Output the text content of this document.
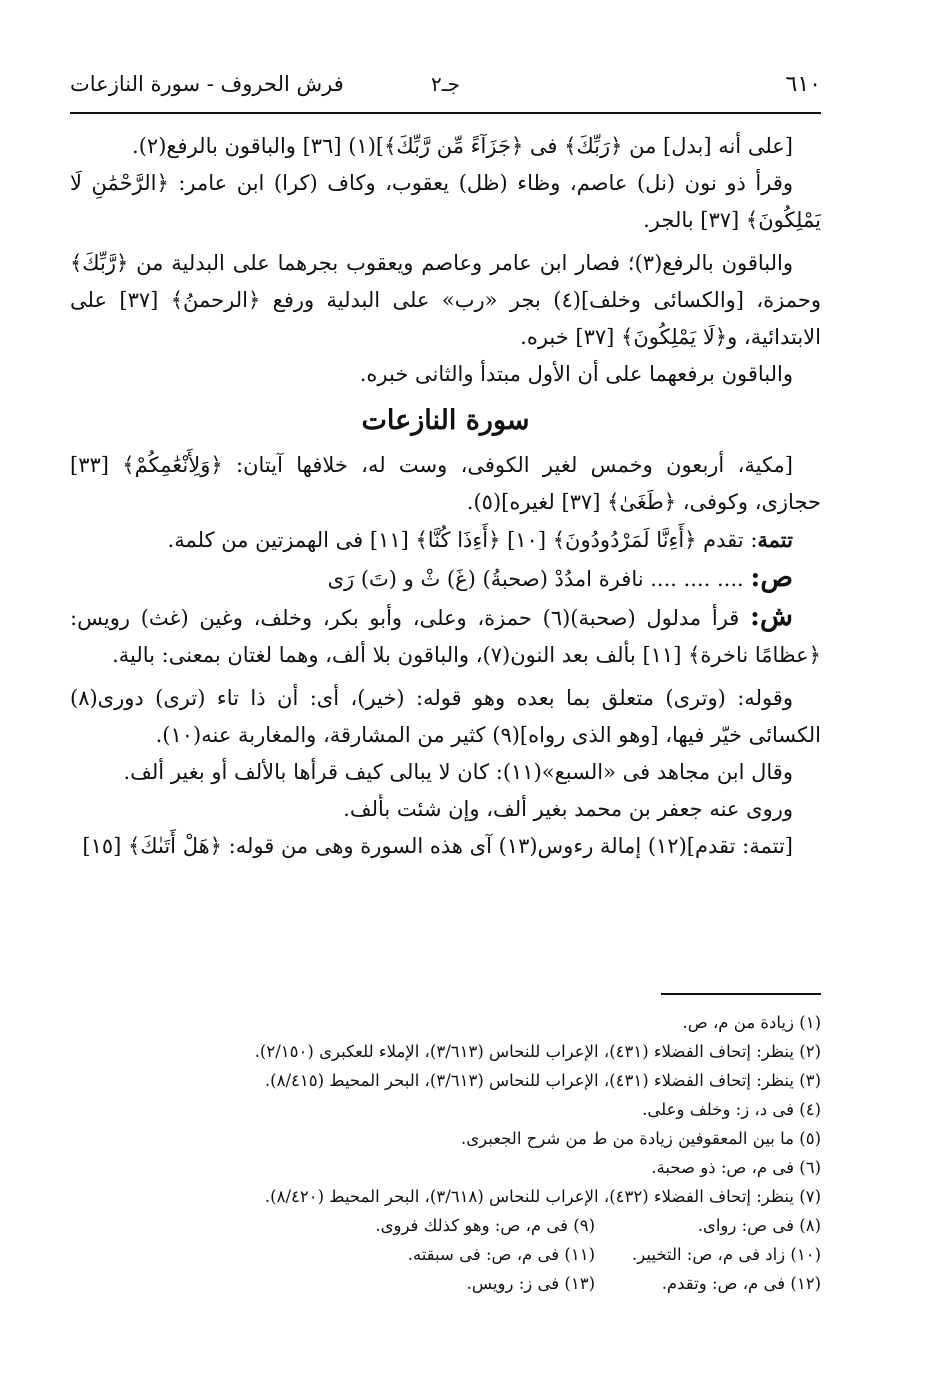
٦١٠
جـ٢
فرش الحروف - سورة النازعات

[على أنه [بدل] من ﴿رَبِّكَ﴾ فى ﴿جَزَآءً مِّن رَّبِّكَ﴾](١) [٣٦] والباقون بالرفع(٢).

وقرأ ذو نون (نل) عاصم، وظاء (ظل) يعقوب، وكاف (كرا) ابن عامر: ﴿الرَّحْمَٰنِ لَا يَمْلِكُونَ﴾ [٣٧] بالجر.

والباقون بالرفع(٣)؛ فصار ابن عامر وعاصم ويعقوب بجرهما على البدلية من ﴿رَّبِّكَ﴾ وحمزة، [والكسائى وخلف](٤) بجر «رب» على البدلية ورفع ﴿الرحمنُ﴾ [٣٧] على الابتدائية، و﴿لَا يَمْلِكُونَ﴾ [٣٧] خبره.

والباقون برفعهما على أن الأول مبتدأ والثانى خبره.

سورة النازعات

[مكية، أربعون وخمس لغير الكوفى، وست له، خلافها آيتان: ﴿وَلِأَنْعَٰمِكُمْ﴾ [٣٣] حجازى، وكوفى، ﴿طَغَىٰ﴾ [٣٧] لغيره](٥).

تتمة: تقدم ﴿أَءِنَّا لَمَرْدُودُونَ﴾ [١٠] ﴿أَءِذَا كُنَّا﴾ [١١] فى الهمزتين من كلمة.

ص: .... .... .... نافرة امدُدْ (صحبةُ) (غَ) ثْ و (تَ) رَى

ش: قرأ مدلول (صحبة)(٦) حمزة، وعلى، وأبو بكر، وخلف، وغين (غث) رويس: ﴿عظامًا ناخرة﴾ [١١] بألف بعد النون(٧)، والباقون بلا ألف، وهما لغتان بمعنى: بالية.

وقوله: (وترى) متعلق بما بعده وهو قوله: (خير)، أى: أن ذا تاء (ترى) دورى(٨) الكسائى خيّر فيها، [وهو الذى رواه](٩) كثير من المشارقة، والمغاربة عنه(١٠).

وقال ابن مجاهد فى «السبع»(١١): كان لا يبالى كيف قرأها بالألف أو بغير ألف.

وروى عنه جعفر بن محمد بغير ألف، وإن شئت بألف.

[تتمة: تقدم](١٢) إمالة رءوس(١٣) آى هذه السورة وهى من قوله: ﴿هَلْ أَتَىٰكَ﴾ [١٥]

(١) زيادة من م، ص.
(٢) ينظر: إتحاف الفضلاء (٤٣١)، الإعراب للنحاس (٣/٦١٣)، الإملاء للعكبرى (٢/١٥٠).
(٣) ينظر: إتحاف الفضلاء (٤٣١)، الإعراب للنحاس (٣/٦١٣)، البحر المحيط (٨/٤١٥).
(٤) فى د، ز: وخلف وعلى.
(٥) ما بين المعقوفين زيادة من ط من شرح الجعبرى.
(٦) فى م، ص: ذو صحبة.
(٧) ينظر: إتحاف الفضلاء (٤٣٢)، الإعراب للنحاس (٣/٦١٨)، البحر المحيط (٨/٤٢٠).
(٨) فى ص: رواى.
(٩) فى م، ص: وهو كذلك فروى.
(١٠) زاد فى م، ص: التخيير.
(١١) فى م، ص: فى سبقته.
(١٢) فى م، ص: وتقدم.
(١٣) فى ز: رويس.
